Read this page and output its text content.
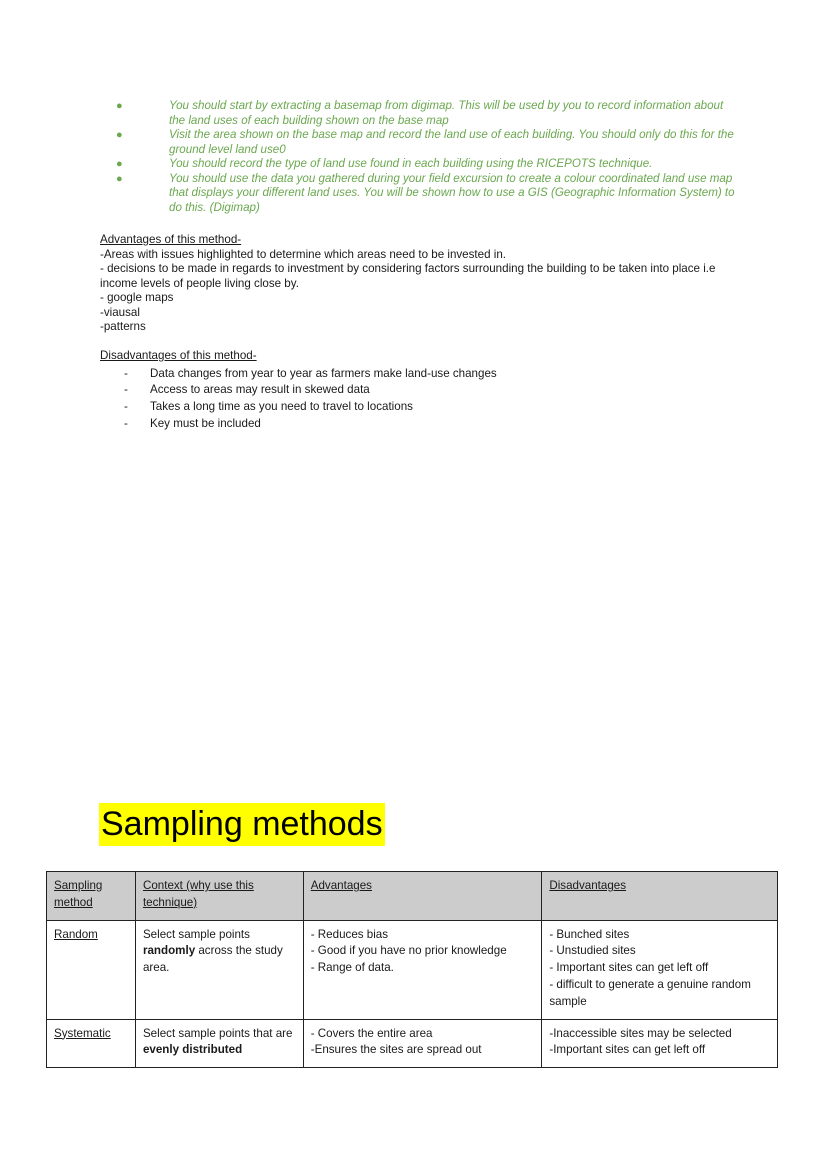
●	You should start by extracting a basemap from digimap. This will be used by you to record information about the land uses of each building shown on the base map
●	Visit the area shown on the base map and record the land use of each building. You should only do this for the ground level land use0
●	You should record the type of land use found in each building using the RICEPOTS technique.
●	You should use the data you gathered during your field excursion to create a colour coordinated land use map that displays your different land uses. You will be shown how to use a GIS (Geographic Information System) to do this. (Digimap)
Advantages of this method-
-Areas with issues highlighted to determine which areas need to be invested in.
- decisions to be made in regards to investment by considering factors surrounding the building to be taken into place i.e income levels of people living close by.
- google maps
-viausal
-patterns
Disadvantages of this method-
- Data changes from year to year as farmers make land-use changes
- Access to areas may result in skewed data
- Takes a long time as you need to travel to locations
- Key must be included
Sampling methods
Sampling method	Context (why use this technique)	Advantages	Disadvantages
Random	Select sample points randomly across the study area.	- Reduces bias
- Good if you have no prior knowledge
- Range of data.	- Bunched sites
- Unstudied sites
- Important sites can get left off
- difficult to generate a genuine random sample

Systematic	Select sample points that are evenly distributed	- Covers the entire area
-Ensures the sites are spread out	-Inaccessible sites may be selected
-Important sites can get left off
